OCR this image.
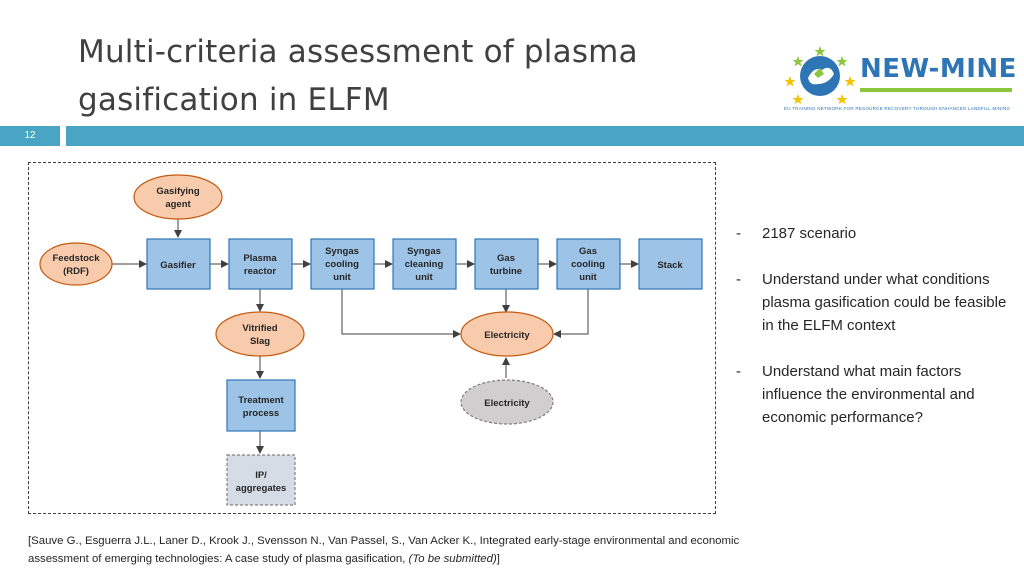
Multi-criteria assessment of plasma
gasification in ELFM
NEW-MINE
EU TRAINING NETWORK FOR RESOURCE RECOVERY THROUGH ENHANCED LANDFILL MINING
12
Gasifying
agent
Feedstock
(RDF)
Vitrified
Slag
Electricity
Electricity
Gasifier
Plasma
reactor
Syngas
cooling
unit
Syngas
cleaning
unit
Gas
turbine
Gas
cooling
unit
Stack
Treatment
process
IP/
aggregates
- 2187 scenario
- Understand under what conditions plasma gasification could be feasible in the ELFM context
- Understand what main factors influence the environmental and economic performance?
[Sauve G., Esguerra J.L., Laner D., Krook J., Svensson N., Van Passel, S., Van Acker K., Integrated early-stage environmental and economic assessment of emerging technologies: A case study of plasma gasification, (To be submitted)]
